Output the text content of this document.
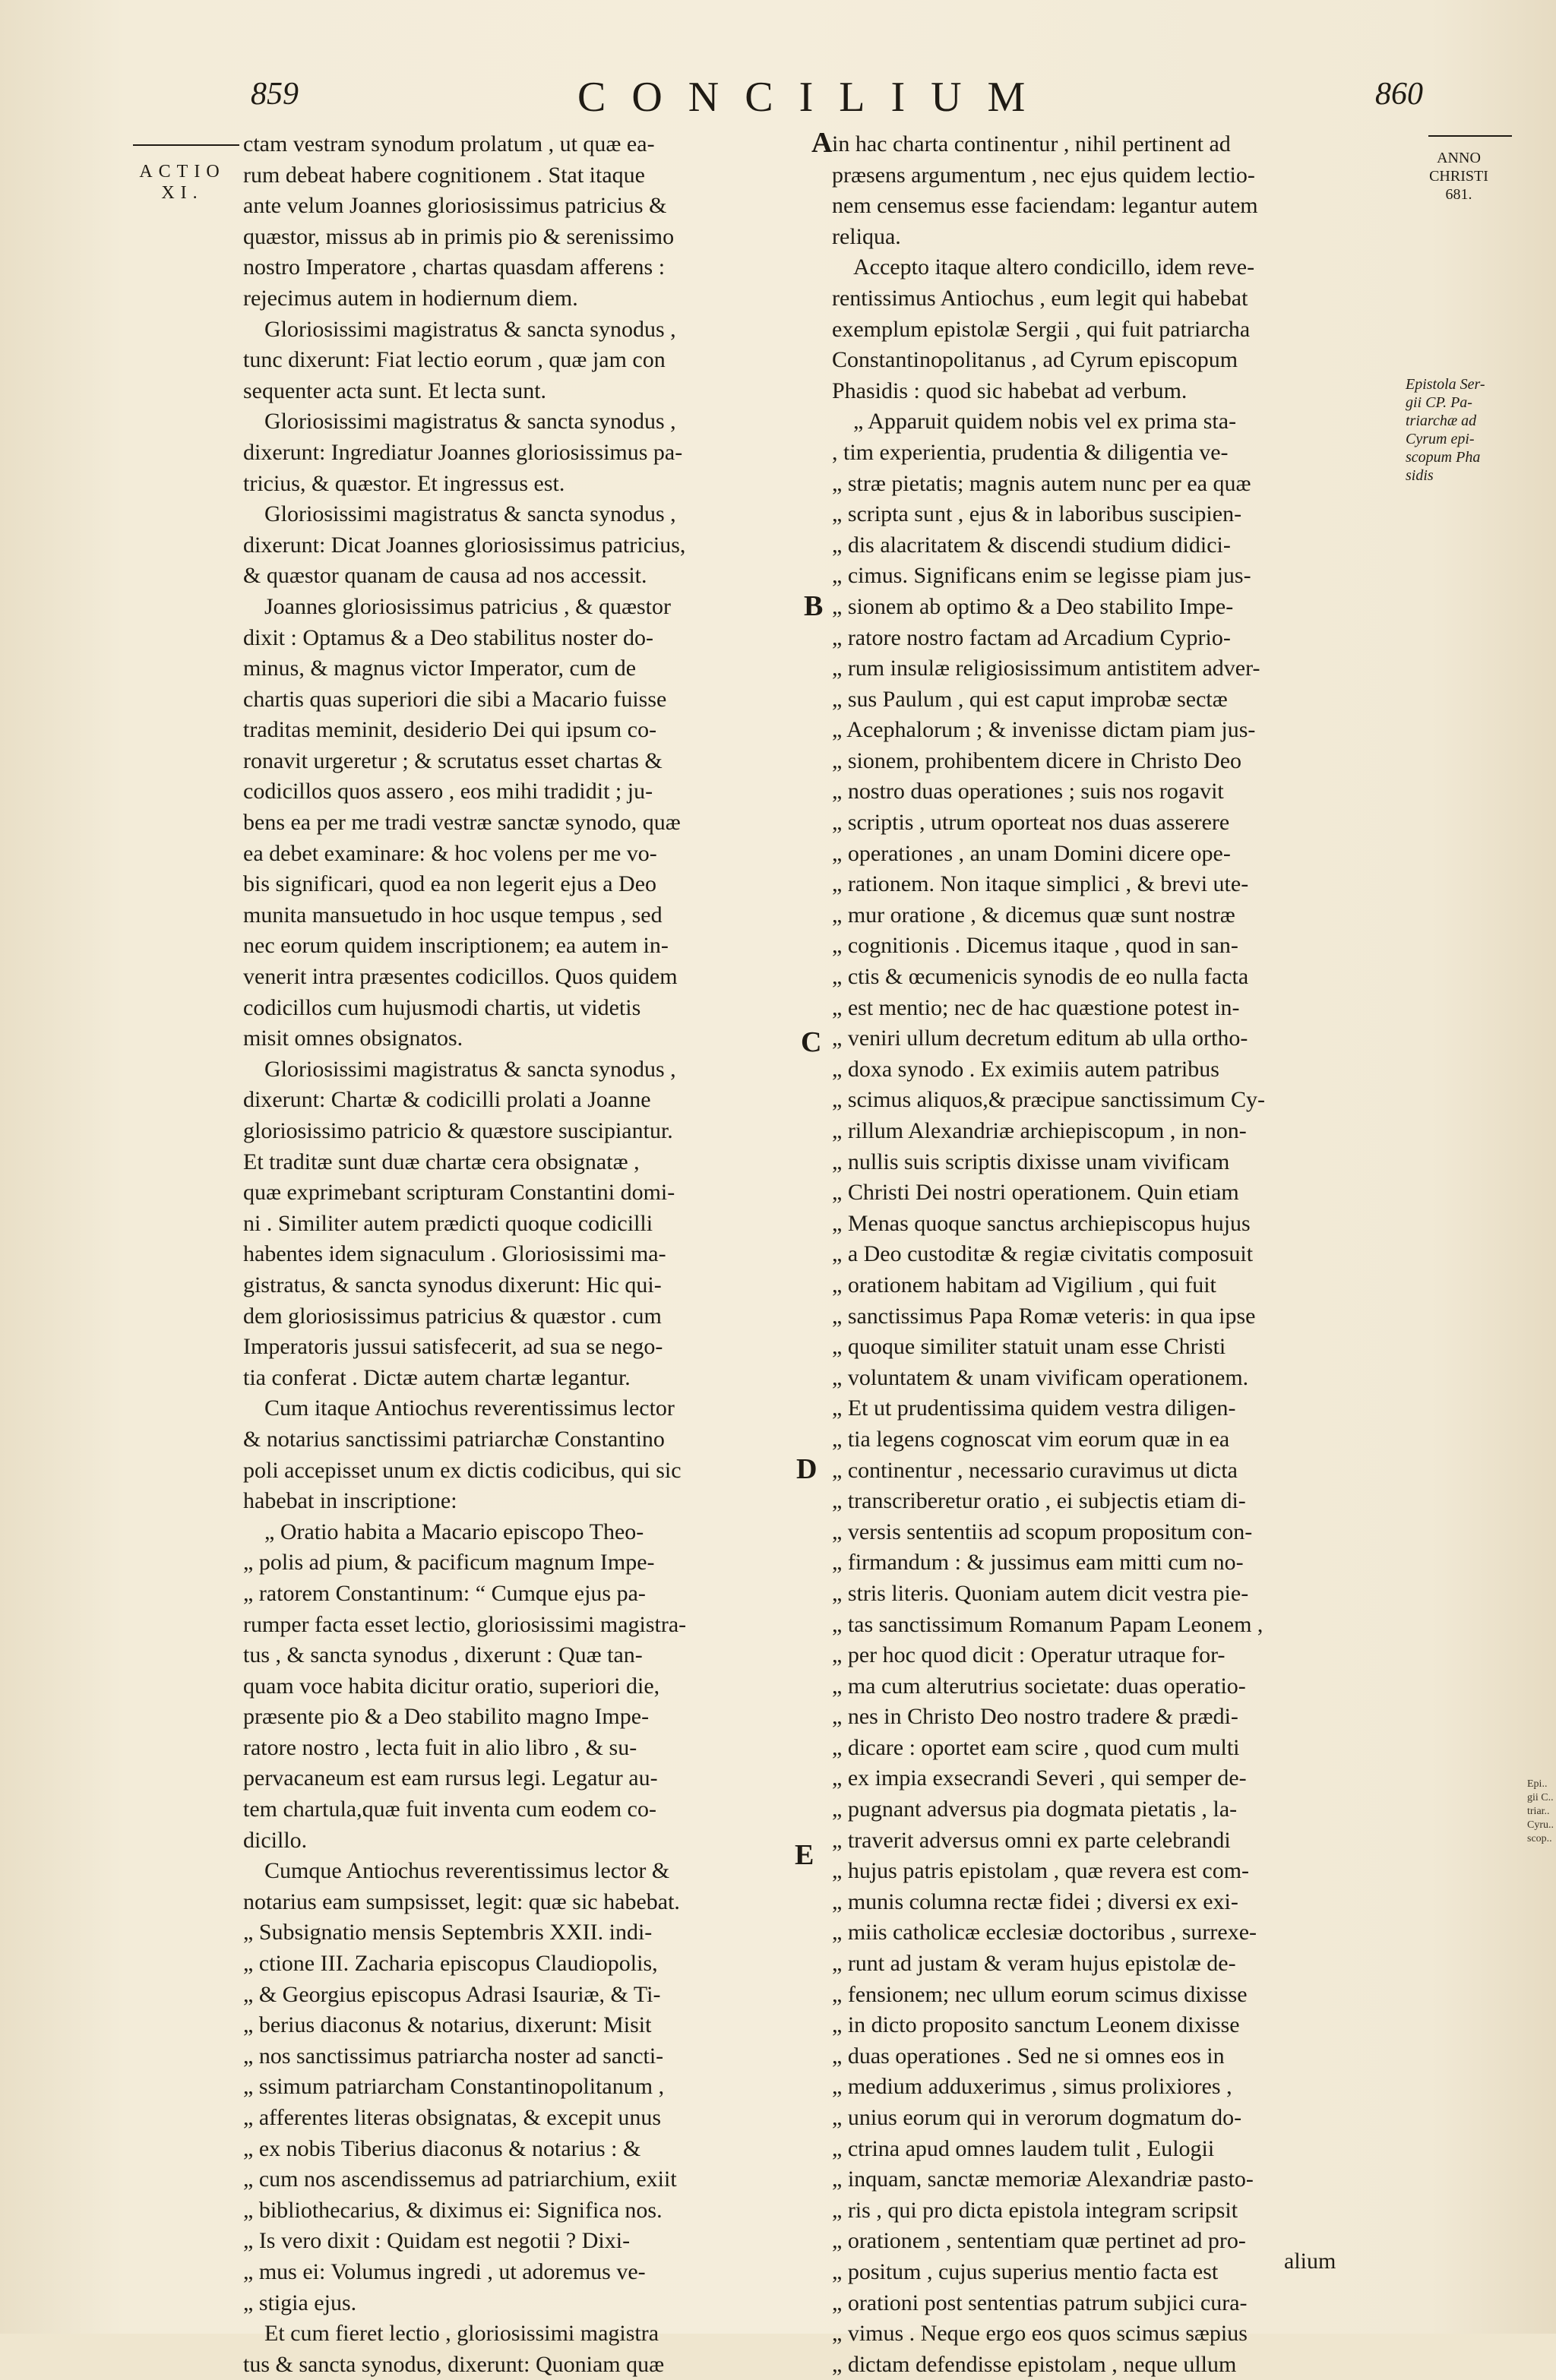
859	CONCILIUM	860
ACTIO
XI.
ANNO
CHRISTI
681.
Epistola Ser-
gii CP. Pa-
triarchæ ad
Cyrum epi-
scopum Pha
sidis
A
B
C
D
E
Epi.. gii C.. triar.. Cyru.. scop..
ctam vestram synodum prolatum , ut quæ ea-
rum debeat habere cognitionem . Stat itaque
ante velum Joannes gloriosissimus patricius &
quæstor, missus ab in primis pio & serenissimo
nostro Imperatore , chartas quasdam afferens :
rejecimus autem in hodiernum diem.
Gloriosissimi magistratus & sancta synodus ,
tunc dixerunt: Fiat lectio eorum , quæ jam con
sequenter acta sunt. Et lecta sunt.
Gloriosissimi magistratus & sancta synodus ,
dixerunt: Ingrediatur Joannes gloriosissimus pa-
tricius, & quæstor. Et ingressus est.
Gloriosissimi magistratus & sancta synodus ,
dixerunt: Dicat Joannes gloriosissimus patricius,
& quæstor quanam de causa ad nos accessit.
Joannes gloriosissimus patricius , & quæstor
dixit : Optamus & a Deo stabilitus noster do-
minus, & magnus victor Imperator, cum de
chartis quas superiori die sibi a Macario fuisse
traditas meminit, desiderio Dei qui ipsum co-
ronavit urgeretur ; & scrutatus esset chartas &
codicillos quos assero , eos mihi tradidit ; ju-
bens ea per me tradi vestræ sanctæ synodo, quæ
ea debet examinare: & hoc volens per me vo-
bis significari, quod ea non legerit ejus a Deo
munita mansuetudo in hoc usque tempus , sed
nec eorum quidem inscriptionem; ea autem in-
venerit intra præsentes codicillos. Quos quidem
codicillos cum hujusmodi chartis, ut videtis
misit omnes obsignatos.
Gloriosissimi magistratus & sancta synodus ,
dixerunt: Chartæ & codicilli prolati a Joanne
gloriosissimo patricio & quæstore suscipiantur.
Et traditæ sunt duæ chartæ cera obsignatæ ,
quæ exprimebant scripturam Constantini domi-
ni . Similiter autem prædicti quoque codicilli
habentes idem signaculum . Gloriosissimi ma-
gistratus, & sancta synodus dixerunt: Hic qui-
dem gloriosissimus patricius & quæstor . cum
Imperatoris jussui satisfecerit, ad sua se nego-
tia conferat . Dictæ autem chartæ legantur.
Cum itaque Antiochus reverentissimus lector
& notarius sanctissimi patriarchæ Constantino
poli accepisset unum ex dictis codicibus, qui sic
habebat in inscriptione:
„ Oratio habita a Macario episcopo Theo-
„ polis ad pium, & pacificum magnum Impe-
„ ratorem Constantinum: “ Cumque ejus pa-
rumper facta esset lectio, gloriosissimi magistra-
tus , & sancta synodus , dixerunt : Quæ tan-
quam voce habita dicitur oratio, superiori die,
præsente pio & a Deo stabilito magno Impe-
ratore nostro , lecta fuit in alio libro , & su-
pervacaneum est eam rursus legi. Legatur au-
tem chartula,quæ fuit inventa cum eodem co-
dicillo.
Cumque Antiochus reverentissimus lector &
notarius eam sumpsisset, legit: quæ sic habebat.
„ Subsignatio mensis Septembris XXII. indi-
„ ctione III. Zacharia episcopus Claudiopolis,
„ & Georgius episcopus Adrasi Isauriæ, & Ti-
„ berius diaconus & notarius, dixerunt: Misit
„ nos sanctissimus patriarcha noster ad sancti-
„ ssimum patriarcham Constantinopolitanum ,
„ afferentes literas obsignatas, & excepit unus
„ ex nobis Tiberius diaconus & notarius : &
„ cum nos ascendissemus ad patriarchium, exiit
„ bibliothecarius, & diximus ei: Significa nos.
„ Is vero dixit : Quidam est negotii ? Dixi-
„ mus ei: Volumus ingredi , ut adoremus ve-
„ stigia ejus.
Et cum fieret lectio , gloriosissimi magistra
tus & sancta synodus, dixerunt: Quoniam quæ
in hac charta continentur , nihil pertinent ad
præsens argumentum , nec ejus quidem lectio-
nem censemus esse faciendam: legantur autem
reliqua.
Accepto itaque altero condicillo, idem reve-
rentissimus Antiochus , eum legit qui habebat
exemplum epistolæ Sergii , qui fuit patriarcha
Constantinopolitanus , ad Cyrum episcopum
Phasidis : quod sic habebat ad verbum.
„ Apparuit quidem nobis vel ex prima sta-
, tim experientia, prudentia & diligentia ve-
„ stræ pietatis; magnis autem nunc per ea quæ
„ scripta sunt , ejus & in laboribus suscipien-
„ dis alacritatem & discendi studium didici-
„ cimus. Significans enim se legisse piam jus-
„ sionem ab optimo & a Deo stabilito Impe-
„ ratore nostro factam ad Arcadium Cyprio-
„ rum insulæ religiosissimum antistitem adver-
„ sus Paulum , qui est caput improbæ sectæ
„ Acephalorum ; & invenisse dictam piam jus-
„ sionem, prohibentem dicere in Christo Deo
„ nostro duas operationes ; suis nos rogavit
„ scriptis , utrum oporteat nos duas asserere
„ operationes , an unam Domini dicere ope-
„ rationem. Non itaque simplici , & brevi ute-
„ mur oratione , & dicemus quæ sunt nostræ
„ cognitionis . Dicemus itaque , quod in san-
„ ctis & œcumenicis synodis de eo nulla facta
„ est mentio; nec de hac quæstione potest in-
„ veniri ullum decretum editum ab ulla ortho-
„ doxa synodo . Ex eximiis autem patribus
„ scimus aliquos,& præcipue sanctissimum Cy-
„ rillum Alexandriæ archiepiscopum , in non-
„ nullis suis scriptis dixisse unam vivificam
„ Christi Dei nostri operationem. Quin etiam
„ Menas quoque sanctus archiepiscopus hujus
„ a Deo custoditæ & regiæ civitatis composuit
„ orationem habitam ad Vigilium , qui fuit
„ sanctissimus Papa Romæ veteris: in qua ipse
„ quoque similiter statuit unam esse Christi
„ voluntatem & unam vivificam operationem.
„ Et ut prudentissima quidem vestra diligen-
„ tia legens cognoscat vim eorum quæ in ea
„ continentur , necessario curavimus ut dicta
„ transcriberetur oratio , ei subjectis etiam di-
„ versis sententiis ad scopum propositum con-
„ firmandum : & jussimus eam mitti cum no-
„ stris literis. Quoniam autem dicit vestra pie-
„ tas sanctissimum Romanum Papam Leonem ,
„ per hoc quod dicit : Operatur utraque for-
„ ma cum alterutrius societate: duas operatio-
„ nes in Christo Deo nostro tradere & prædi-
„ dicare : oportet eam scire , quod cum multi
„ ex impia exsecrandi Severi , qui semper de-
„ pugnant adversus pia dogmata pietatis , la-
„ traverit adversus omni ex parte celebrandi
„ hujus patris epistolam , quæ revera est com-
„ munis columna rectæ fidei ; diversi ex exi-
„ miis catholicæ ecclesiæ doctoribus , surrexe-
„ runt ad justam & veram hujus epistolæ de-
„ fensionem; nec ullum eorum scimus dixisse
„ in dicto proposito sanctum Leonem dixisse
„ duas operationes . Sed ne si omnes eos in
„ medium adduxerimus , simus prolixiores ,
„ unius eorum qui in verorum dogmatum do-
„ ctrina apud omnes laudem tulit , Eulogii
„ inquam, sanctæ memoriæ Alexandriæ pasto-
„ ris , qui pro dicta epistola integram scripsit
„ orationem , sententiam quæ pertinet ad pro-
„ positum , cujus superius mentio facta est
„ orationi post sententias patrum subjici cura-
„ vimus . Neque ergo eos quos scimus sæpius
„ dictam defendisse epistolam , neque ullum
alium
